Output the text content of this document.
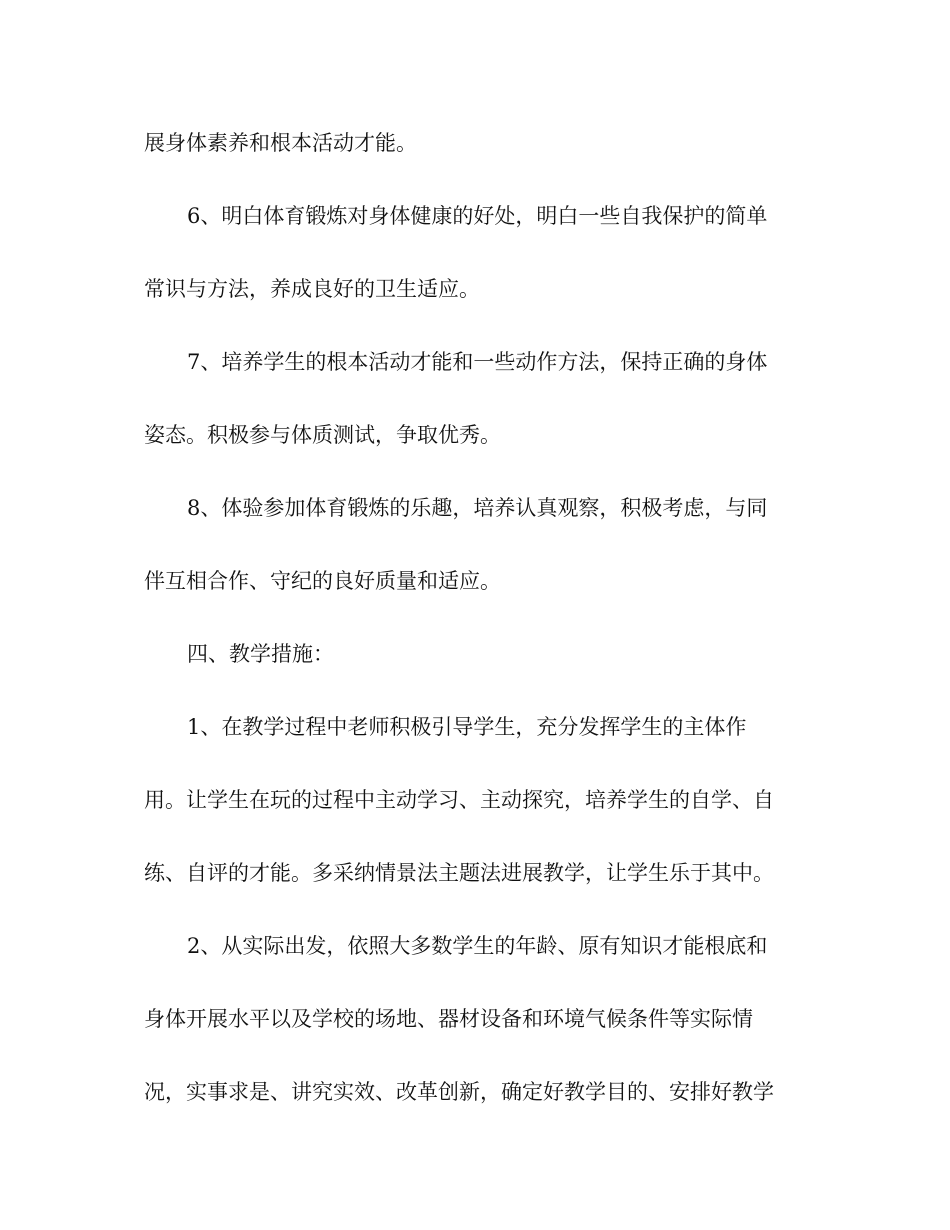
展身体素养和根本活动才能。

6、明白体育锻炼对身体健康的好处，明白一些自我保护的简单

常识与方法，养成良好的卫生适应。

7、培养学生的根本活动才能和一些动作方法，保持正确的身体

姿态。积极参与体质测试，争取优秀。

8、体验参加体育锻炼的乐趣，培养认真观察，积极考虑，与同

伴互相合作、守纪的良好质量和适应。

四、教学措施：

1、在教学过程中老师积极引导学生，充分发挥学生的主体作

用。让学生在玩的过程中主动学习、主动探究，培养学生的自学、自

练、自评的才能。多采纳情景法主题法进展教学，让学生乐于其中。

2、从实际出发，依照大多数学生的年龄、原有知识才能根底和

身体开展水平以及学校的场地、器材设备和环境气候条件等实际情

况，实事求是、讲究实效、改革创新，确定好教学目的、安排好教学
